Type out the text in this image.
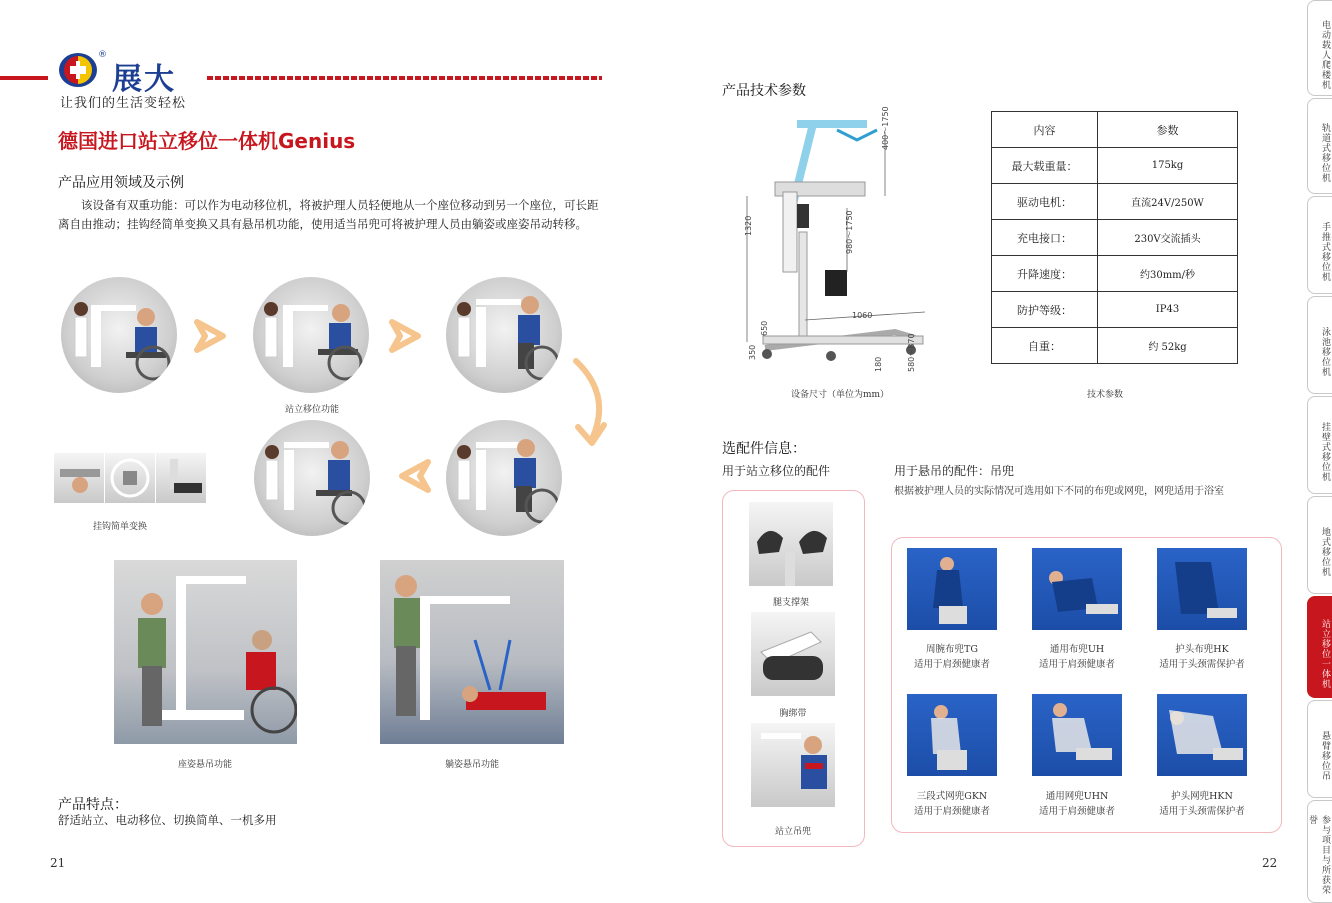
展大
®
让我们的生活变轻松
德国进口站立移位一体机Genius
产品应用领域及示例
该设备有双重功能：可以作为电动移位机，将被护理人员轻便地从一个座位移动到另一个座位，可长距离自由推动；挂钩经简单变换又具有悬吊机功能，使用适当吊兜可将被护理人员由躺姿或座姿吊动转移。
站立移位功能
挂钩简单变换
座姿悬吊功能	躺姿悬吊功能
产品特点：
舒适站立、电动移位、切换简单、一机多用
21
产品技术参数
400～1750
1320	980～1750
1060
650
350
180	580～870
设备尺寸（单位为mm）
内容	参数
最大载重量：	175kg
驱动电机：	直流24V/250W
充电接口：	230V交流插头
升降速度：	约30mm/秒
防护等级：	IP43
自重：	约 52kg
技术参数
选配件信息：
用于站立移位的配件	用于悬吊的配件：吊兜
根据被护理人员的实际情况可选用如下不同的布兜或网兜，网兜适用于浴室
腿支撑架
胸绑带
站立吊兜
周腕布兜TG
适用于肩颈健康者
通用布兜UH
适用于肩颈健康者
护头布兜HK
适用于头颈需保护者
三段式网兜GKN
适用于肩颈健康者
通用网兜UHN
适用于肩颈健康者
护头网兜HKN
适用于头颈需保护者
22
电动载人爬楼机
轨道式移位机
手推式移位机
泳池移位机
挂壁式移位机
地式移位机
站立移位一体机
悬臂移位吊
参与项目与所获荣誉
